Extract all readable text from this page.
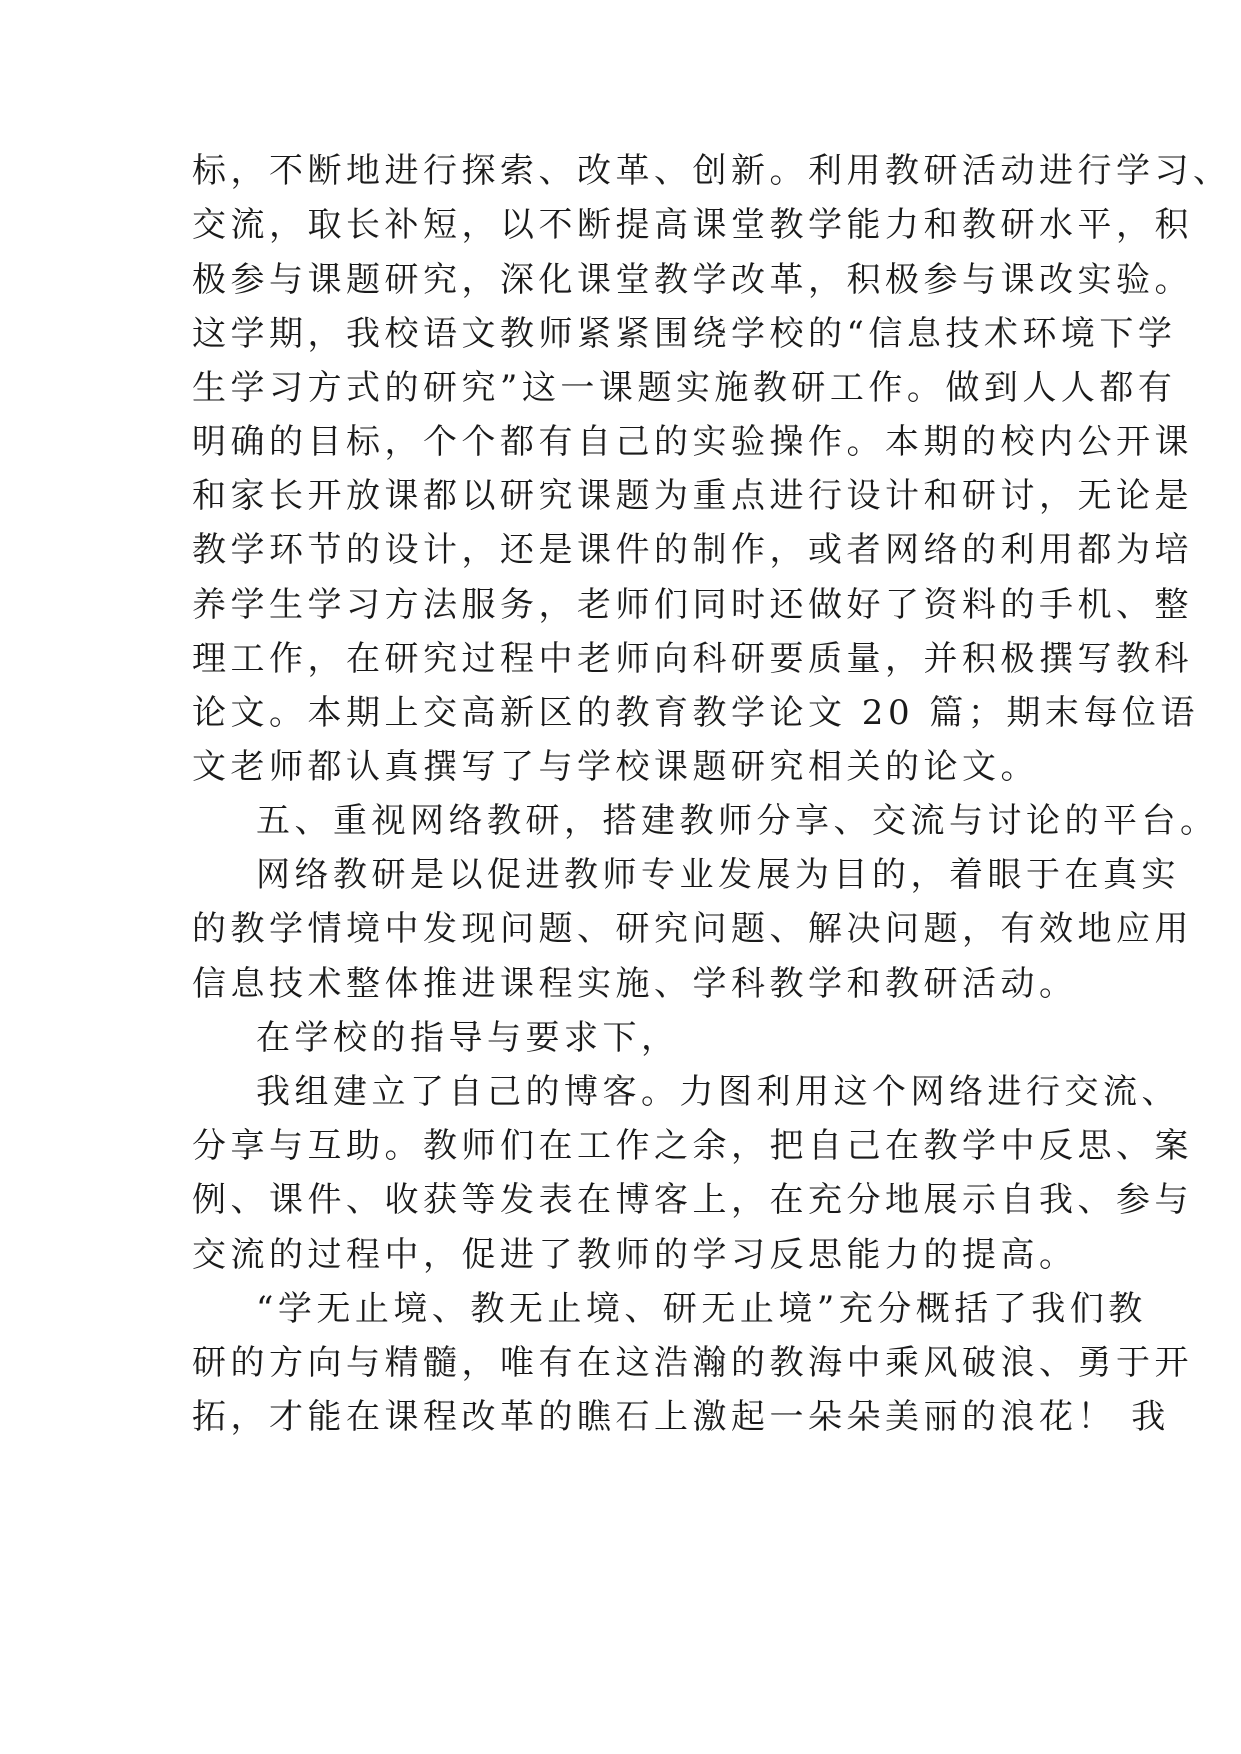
标，不断地进行探索、改革、创新。利用教研活动进行学习、
交流，取长补短，以不断提高课堂教学能力和教研水平，积
极参与课题研究，深化课堂教学改革，积极参与课改实验。
这学期，我校语文教师紧紧围绕学校的“信息技术环境下学
生学习方式的研究”这一课题实施教研工作。做到人人都有
明确的目标，个个都有自己的实验操作。本期的校内公开课
和家长开放课都以研究课题为重点进行设计和研讨，无论是
教学环节的设计，还是课件的制作，或者网络的利用都为培
养学生学习方法服务，老师们同时还做好了资料的手机、整
理工作，在研究过程中老师向科研要质量，并积极撰写教科
论文。本期上交高新区的教育教学论文 20 篇；期末每位语
文老师都认真撰写了与学校课题研究相关的论文。
五、重视网络教研，搭建教师分享、交流与讨论的平台。
网络教研是以促进教师专业发展为目的，着眼于在真实
的教学情境中发现问题、研究问题、解决问题，有效地应用
信息技术整体推进课程实施、学科教学和教研活动。
在学校的指导与要求下，
我组建立了自己的博客。力图利用这个网络进行交流、
分享与互助。教师们在工作之余，把自己在教学中反思、案
例、课件、收获等发表在博客上，在充分地展示自我、参与
交流的过程中，促进了教师的学习反思能力的提高。
“学无止境、教无止境、研无止境”充分概括了我们教
研的方向与精髓，唯有在这浩瀚的教海中乘风破浪、勇于开
拓，才能在课程改革的瞧石上激起一朵朵美丽的浪花！ 我
